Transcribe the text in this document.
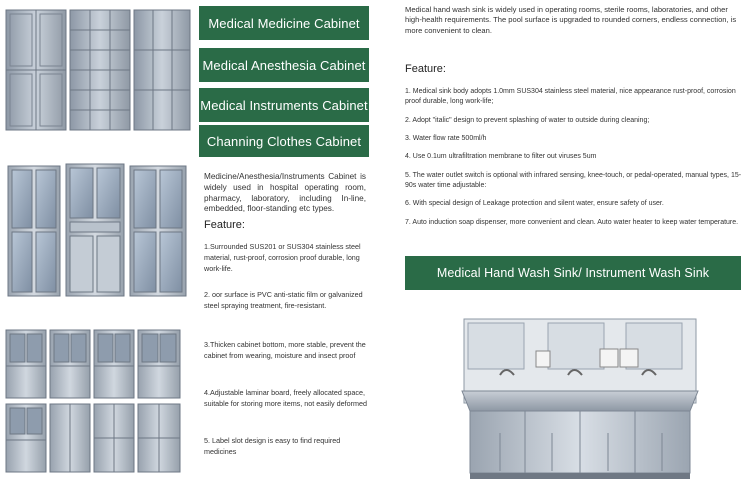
Medical Medicine Cabinet
Medical Anesthesia Cabinet
Medical Instruments Cabinet
Channing Clothes Cabinet
Medicine/Anesthesia/Instruments Cabinet is widely used in hospital operating room, pharmacy, laboratory, including In-line, embedded, floor-standing etc types.
Feature:
1.Surrounded SUS201 or SUS304 stainless steel material, rust-proof, corrosion proof durable, long work-life.
2. oor surface is PVC anti-static film or galvanized steel spraying treatment, fire-resistant.
3.Thicken cabinet bottom, more stable, prevent the cabinet from wearing, moisture and insect proof
4.Adjustable laminar board, freely allocated space, suitable for storing more items, not easily deformed
5. Label slot design is easy to find required medicines
Medical hand wash sink is widely used in operating rooms, sterile rooms, laboratories, and other high-health requirements. The pool surface is upgraded to rounded corners, endless connection, is more convenient to clean.
Feature:
1. Medical sink body adopts 1.0mm SUS304 stainless steel material, nice appearance rust-proof, corrosion proof durable, long work-life;
2. Adopt "italic" design to prevent splashing of water to outside during cleaning;
3. Water flow rate 500ml/h
4. Use 0.1um ultrafiltration membrane to filter out viruses 5um
5. The water outlet switch is optional with infrared sensing, knee-touch, or pedal-operated, manual types, 15-90s water time adjustable:
6. With special design of Leakage protection and silent water, ensure safety of user.
7. Auto induction soap dispenser, more convenient and clean. Auto water heater to keep water temperature.
Medical Hand Wash Sink/ Instrument Wash Sink
